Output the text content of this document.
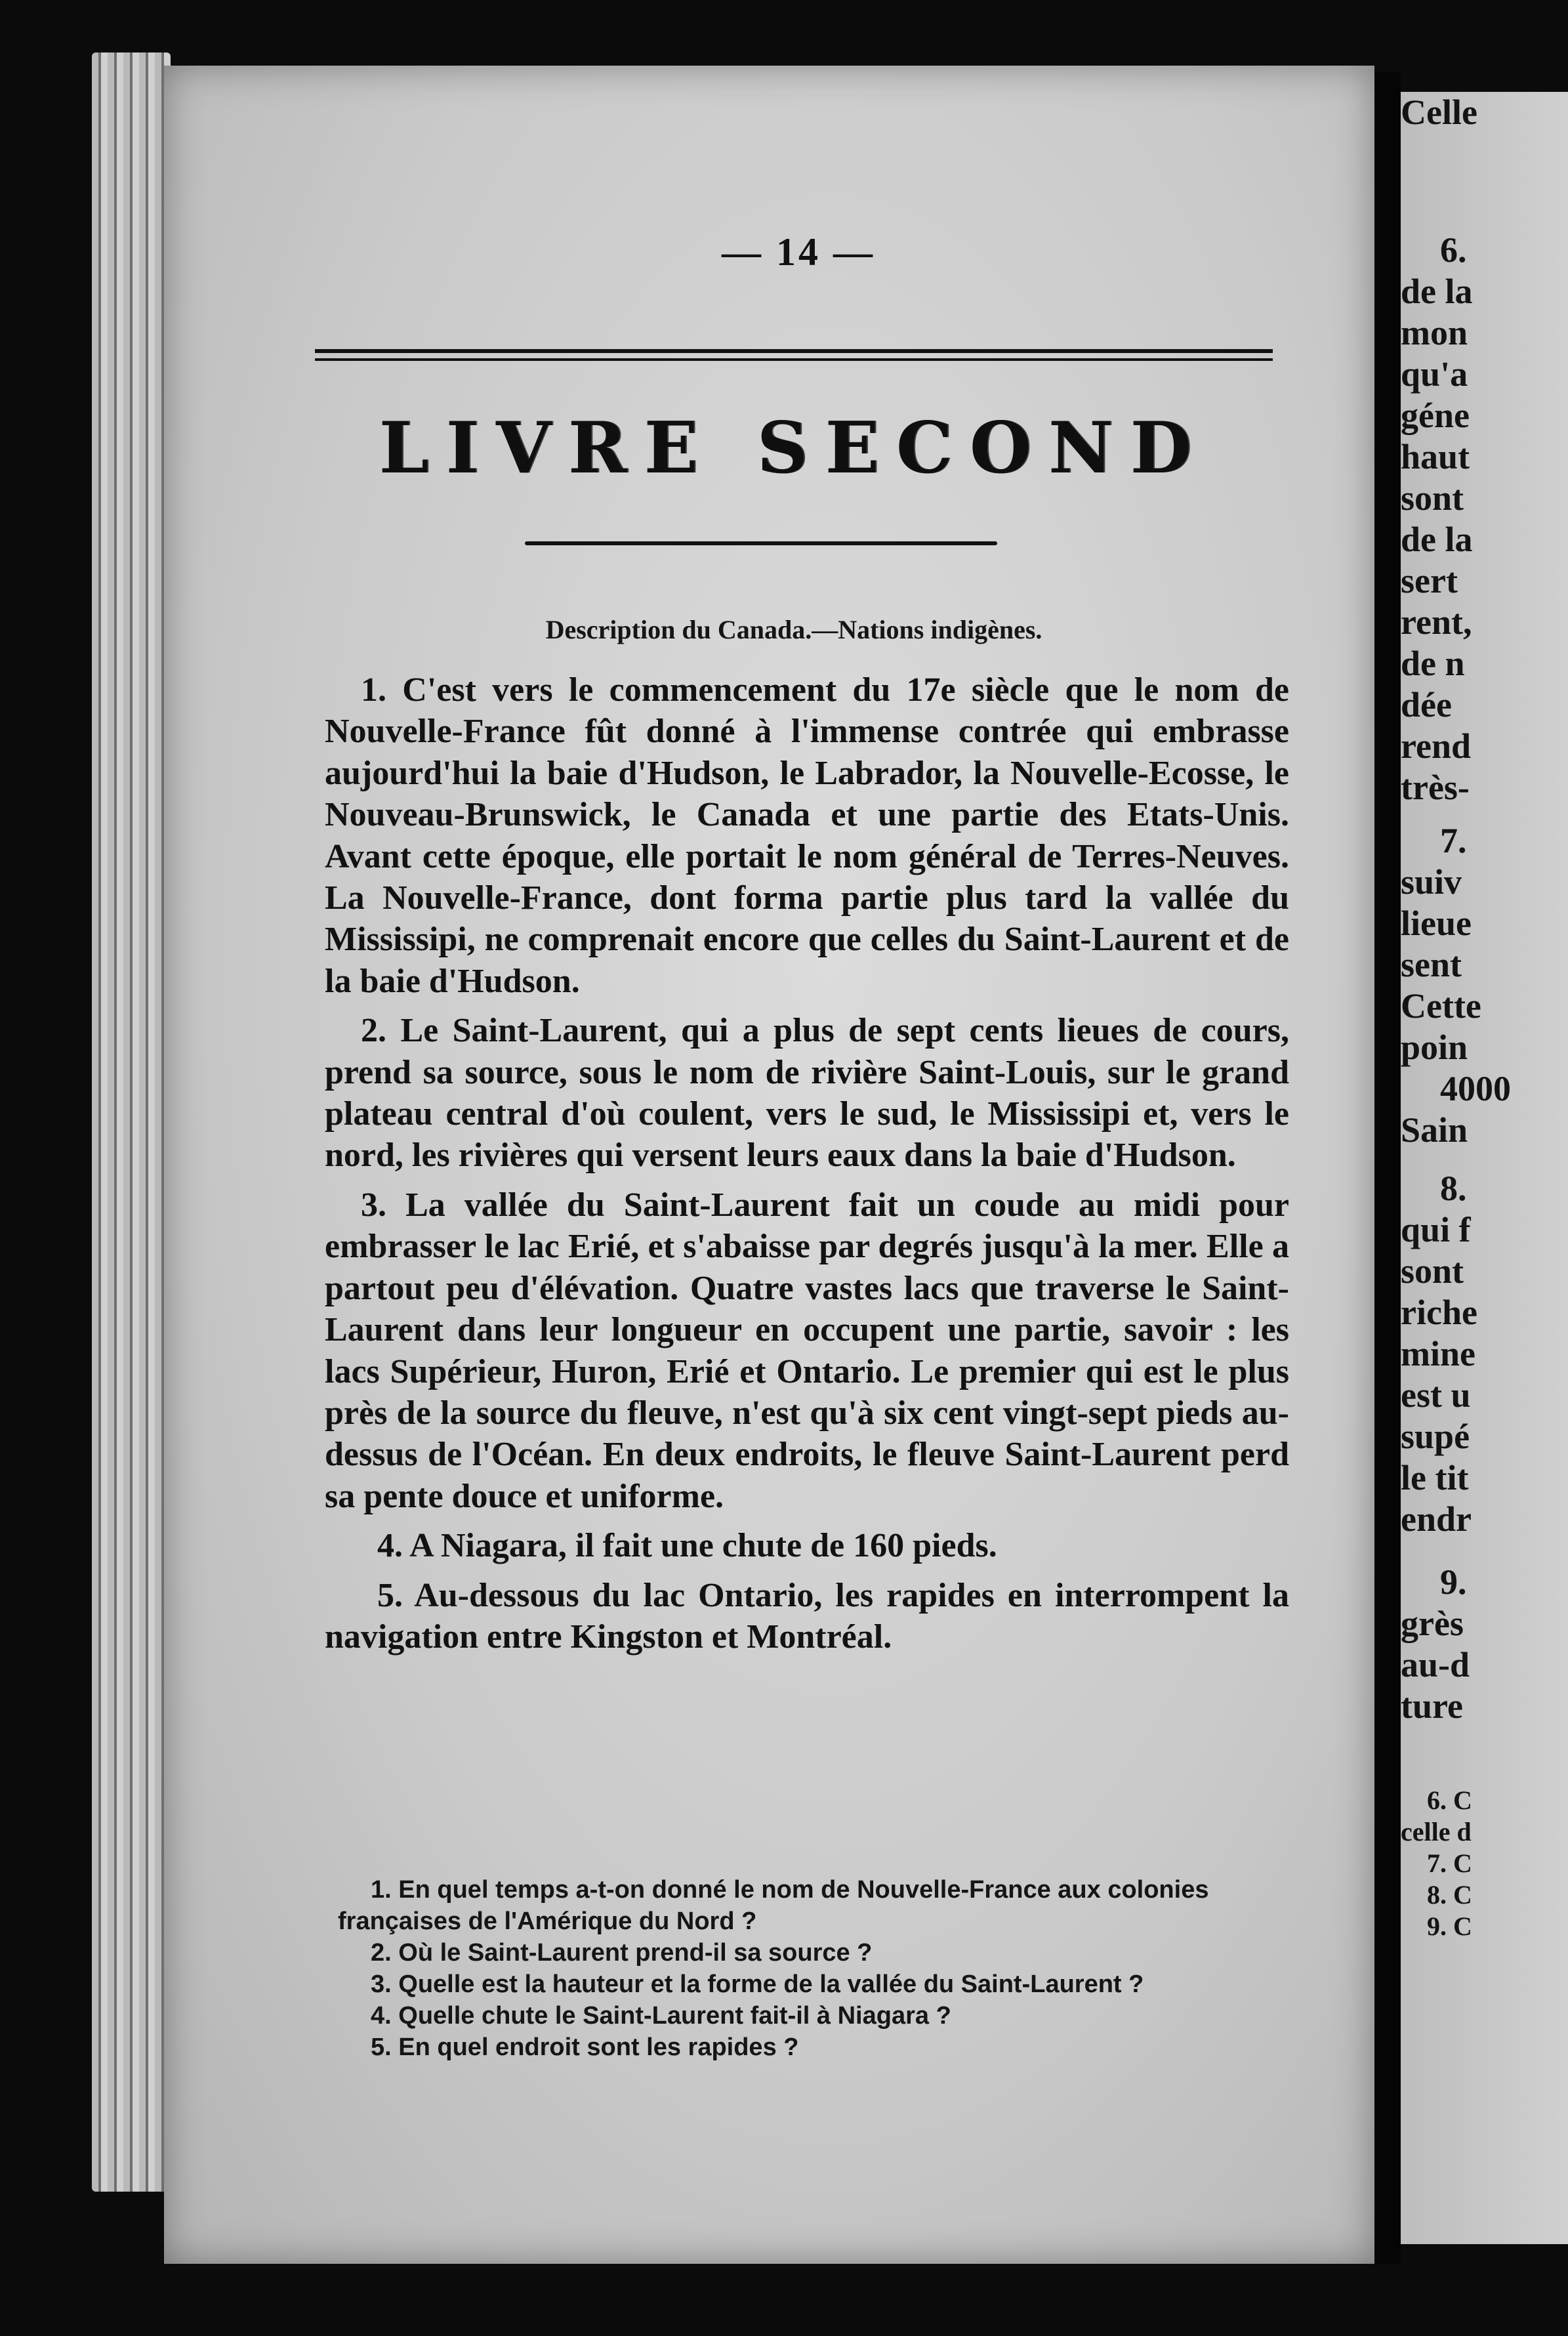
— 14 —
LIVRE SECOND

Description du Canada.—Nations indigènes.

1. C'est vers le commencement du 17e siècle que le nom de Nouvelle-France fût donné à l'immense contrée qui embrasse aujourd'hui la baie d'Hudson, le Labrador, la Nouvelle-Ecosse, le Nouveau-Brunswick, le Canada et une partie des Etats-Unis. Avant cette époque, elle portait le nom général de Terres-Neuves. La Nouvelle-France, dont forma partie plus tard la vallée du Mississipi, ne comprenait encore que celles du Saint-Laurent et de la baie d'Hudson.

2. Le Saint-Laurent, qui a plus de sept cents lieues de cours, prend sa source, sous le nom de rivière Saint-Louis, sur le grand plateau central d'où coulent, vers le sud, le Mississipi et, vers le nord, les rivières qui versent leurs eaux dans la baie d'Hudson.

3. La vallée du Saint-Laurent fait un coude au midi pour embrasser le lac Erié, et s'abaisse par degrés jusqu'à la mer. Elle a partout peu d'élévation. Quatre vastes lacs que traverse le Saint-Laurent dans leur longueur en occupent une partie, savoir : les lacs Supérieur, Huron, Erié et Ontario. Le premier qui est le plus près de la source du fleuve, n'est qu'à six cent vingt-sept pieds au-dessus de l'Océan. En deux endroits, le fleuve Saint-Laurent perd sa pente douce et uniforme.

4. A Niagara, il fait une chute de 160 pieds.

5. Au-dessous du lac Ontario, les rapides en interrompent la navigation entre Kingston et Montréal.

1. En quel temps a-t-on donné le nom de Nouvelle-France aux colonies françaises de l'Amérique du Nord ?

2. Où le Saint-Laurent prend-il sa source ?

3. Quelle est la hauteur et la forme de la vallée du Saint-Laurent ?

4. Quelle chute le Saint-Laurent fait-il à Niagara ?

5. En quel endroit sont les rapides ?

6.

de la

mon

qu'a

géne

haut

sont

de la

sert

rent,

de n

dée

rend

très-

7.

suiv

lieue

sent

Cette

poin

4000

Sain

8.

qui f

sont

riche

mine

est u

supé

le tit

endr

9.

grès

au-d

ture

Celle

6. C

celle d

7. C

8. C

9. C
